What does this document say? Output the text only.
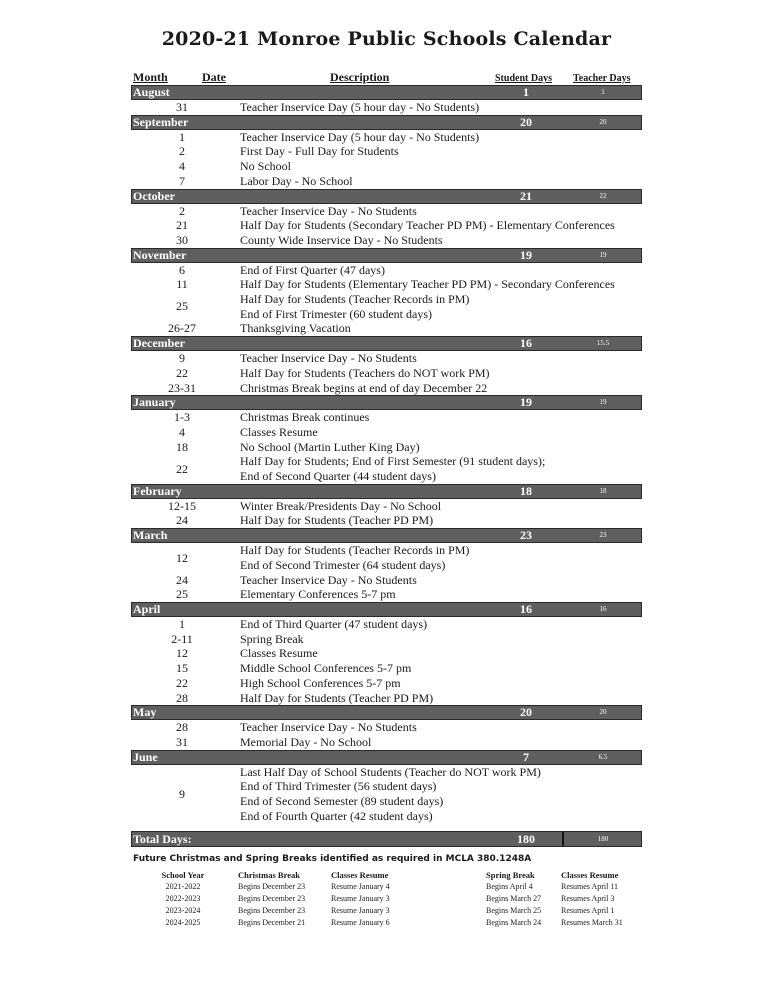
2020-21 Monroe Public Schools Calendar
Month	Date	Description	Student Days Teacher Days
August	1	1
31	Teacher Inservice Day (5 hour day - No Students)
September	20	20
1	Teacher Inservice Day (5 hour day - No Students)
2	First Day - Full Day for Students
4	No School
7	Labor Day - No School
October	21	22
2	Teacher Inservice Day - No Students
21	Half Day for Students (Secondary Teacher PD PM) - Elementary Conferences
30	County Wide Inservice Day - No Students
November	19	19
6	End of First Quarter (47 days)
11	Half Day for Students (Elementary Teacher PD PM) - Secondary Conferences
25
Half Day for Students (Teacher Records in PM)
End of First Trimester (60 student days)
26-27	Thanksgiving Vacation
December	16	15.5
9	Teacher Inservice Day - No Students
22	Half Day for Students (Teachers do NOT work PM)
23-31	Christmas Break begins at end of day December 22
January	19	19
1-3	Christmas Break continues
4	Classes Resume
18	No School (Martin Luther King Day)
22
Half Day for Students; End of First Semester (91 student days);
End of Second Quarter (44 student days)
February	18	18
12-15	Winter Break/Presidents Day - No School
24	Half Day for Students (Teacher PD PM)
March	23	23
12
Half Day for Students (Teacher Records in PM)
End of Second Trimester (64 student days)
24	Teacher Inservice Day - No Students
25	Elementary Conferences 5-7 pm
April	16	16
1	End of Third Quarter (47 student days)
2-11	Spring Break
12	Classes Resume
15	Middle School Conferences 5-7 pm
22	High School Conferences 5-7 pm
28	Half Day for Students (Teacher PD PM)
May	20	20
28	Teacher Inservice Day - No Students
31	Memorial Day - No School
June	7	6.5
9
Last Half Day of School Students (Teacher do NOT work PM)
End of Third Trimester (56 student days)
End of Second Semester (89 student days)
End of Fourth Quarter (42 student days)
Total Days:	180	180
Future Christmas and Spring Breaks identified as required in MCLA 380.1248A
School Year	Christmas Break	Classes Resume	Spring Break	Classes Resume
2021-2022	Begins December 23	Resume January 4	Begins April 4	Resumes April 11
2022-2023	Begins December 23	Resume January 3	Begins March 27	Resumes April 3
2023-2024	Begins December 23	Resume January 3	Begins March 25	Resumes April 1
2024-2025	Begins December 21	Resume January 6	Begins March 24	Resumes March 31
